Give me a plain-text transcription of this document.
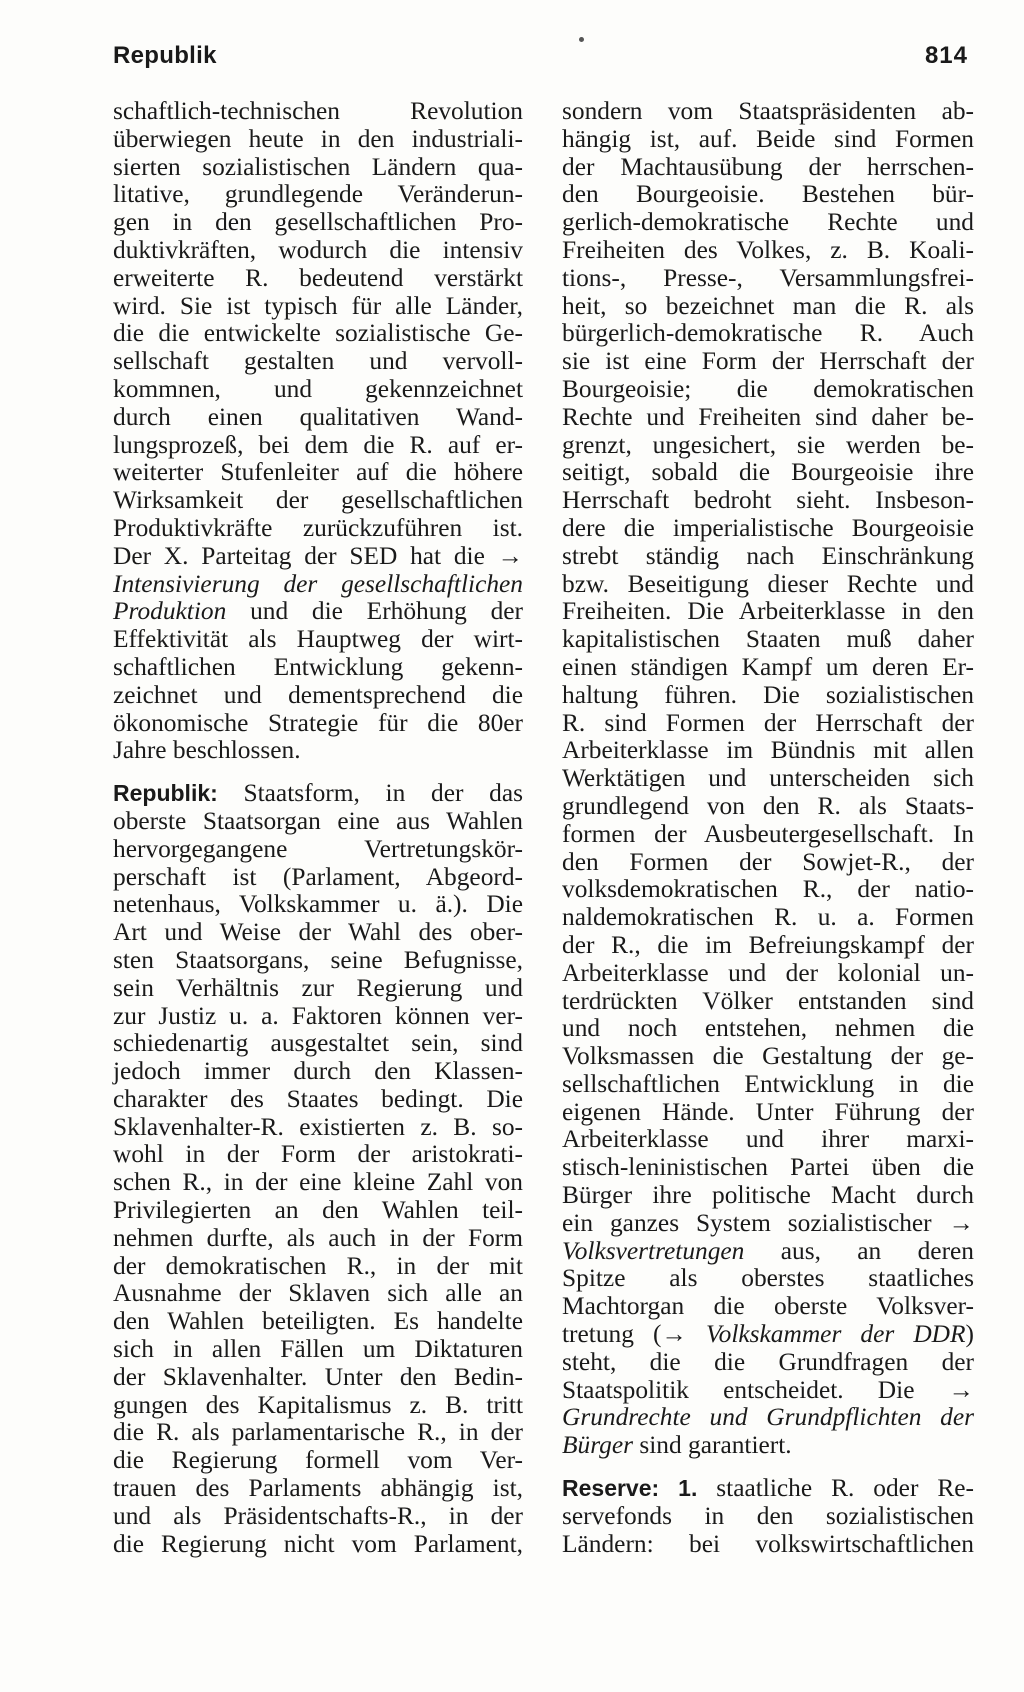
Republik	814
schaftlich-technischen Revolution
überwiegen heute in den industriali-
sierten sozialistischen Ländern qua-
litative, grundlegende Veränderun-
gen in den gesellschaftlichen Pro-
duktivkräften, wodurch die intensiv
erweiterte R. bedeutend verstärkt
wird. Sie ist typisch für alle Länder,
die die entwickelte sozialistische Ge-
sellschaft gestalten und vervoll-
kommnen, und gekennzeichnet
durch einen qualitativen Wand-
lungsprozeß, bei dem die R. auf er-
weiterter Stufenleiter auf die höhere
Wirksamkeit der gesellschaftlichen
Produktivkräfte zurückzuführen ist.
Der X. Parteitag der SED hat die →
Intensivierung der gesellschaftlichen
Produktion und die Erhöhung der
Effektivität als Hauptweg der wirt-
schaftlichen Entwicklung gekenn-
zeichnet und dementsprechend die
ökonomische Strategie für die 80er
Jahre beschlossen.
Republik: Staatsform, in der das
oberste Staatsorgan eine aus Wahlen
hervorgegangene Vertretungskör-
perschaft ist (Parlament, Abgeord-
netenhaus, Volkskammer u. ä.). Die
Art und Weise der Wahl des ober-
sten Staatsorgans, seine Befugnisse,
sein Verhältnis zur Regierung und
zur Justiz u. a. Faktoren können ver-
schiedenartig ausgestaltet sein, sind
jedoch immer durch den Klassen-
charakter des Staates bedingt. Die
Sklavenhalter-R. existierten z. B. so-
wohl in der Form der aristokrati-
schen R., in der eine kleine Zahl von
Privilegierten an den Wahlen teil-
nehmen durfte, als auch in der Form
der demokratischen R., in der mit
Ausnahme der Sklaven sich alle an
den Wahlen beteiligten. Es handelte
sich in allen Fällen um Diktaturen
der Sklavenhalter. Unter den Bedin-
gungen des Kapitalismus z. B. tritt
die R. als parlamentarische R., in der
die Regierung formell vom Ver-
trauen des Parlaments abhängig ist,
und als Präsidentschafts-R., in der
die Regierung nicht vom Parlament,
sondern vom Staatspräsidenten ab-
hängig ist, auf. Beide sind Formen
der Machtausübung der herrschen-
den Bourgeoisie. Bestehen bür-
gerlich-demokratische Rechte und
Freiheiten des Volkes, z. B. Koali-
tions-, Presse-, Versammlungsfrei-
heit, so bezeichnet man die R. als
bürgerlich-demokratische R. Auch
sie ist eine Form der Herrschaft der
Bourgeoisie; die demokratischen
Rechte und Freiheiten sind daher be-
grenzt, ungesichert, sie werden be-
seitigt, sobald die Bourgeoisie ihre
Herrschaft bedroht sieht. Insbeson-
dere die imperialistische Bourgeoisie
strebt ständig nach Einschränkung
bzw. Beseitigung dieser Rechte und
Freiheiten. Die Arbeiterklasse in den
kapitalistischen Staaten muß daher
einen ständigen Kampf um deren Er-
haltung führen. Die sozialistischen
R. sind Formen der Herrschaft der
Arbeiterklasse im Bündnis mit allen
Werktätigen und unterscheiden sich
grundlegend von den R. als Staats-
formen der Ausbeutergesellschaft. In
den Formen der Sowjet-R., der
volksdemokratischen R., der natio-
naldemokratischen R. u. a. Formen
der R., die im Befreiungskampf der
Arbeiterklasse und der kolonial un-
terdrückten Völker entstanden sind
und noch entstehen, nehmen die
Volksmassen die Gestaltung der ge-
sellschaftlichen Entwicklung in die
eigenen Hände. Unter Führung der
Arbeiterklasse und ihrer marxi-
stisch-leninistischen Partei üben die
Bürger ihre politische Macht durch
ein ganzes System sozialistischer →
Volksvertretungen aus, an deren
Spitze als oberstes staatliches
Machtorgan die oberste Volksver-
tretung (→ Volkskammer der DDR)
steht, die die Grundfragen der
Staatspolitik entscheidet. Die →
Grundrechte und Grundpflichten der
Bürger sind garantiert.
Reserve: 1. staatliche R. oder Re-
servefonds in den sozialistischen
Ländern: bei volkswirtschaftlichen
